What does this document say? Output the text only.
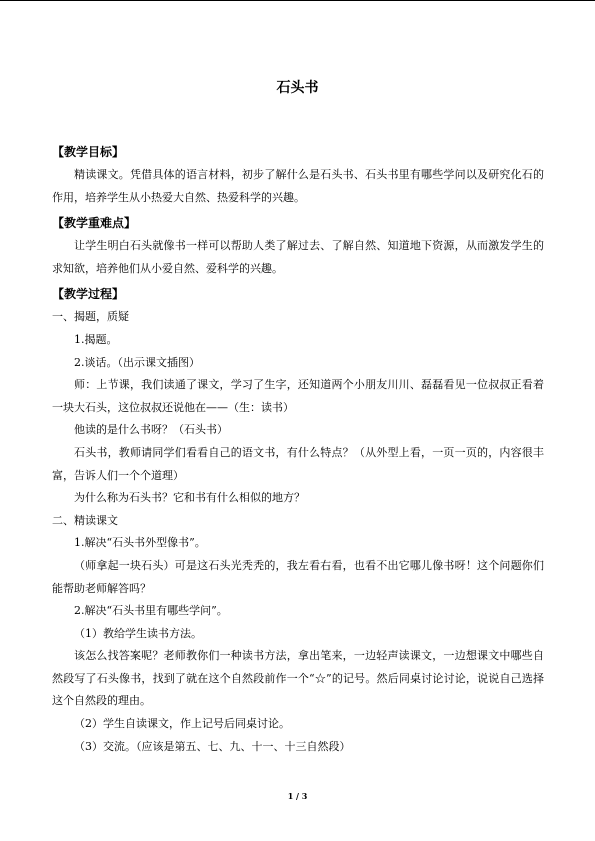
石头书
【教学目标】

精读课文。凭借具体的语言材料，初步了解什么是石头书、石头书里有哪些学问以及研究化石的作用，培养学生从小热爱大自然、热爱科学的兴趣。

【教学重难点】

让学生明白石头就像书一样可以帮助人类了解过去、了解自然、知道地下资源，从而激发学生的求知欲，培养他们从小爱自然、爱科学的兴趣。

【教学过程】
一、揭题，质疑

1.揭题。

2.谈话。（出示课文插图）

师：上节课，我们读通了课文，学习了生字，还知道两个小朋友川川、磊磊看见一位叔叔正看着一块大石头，这位叔叔还说他在——（生：读书）

他读的是什么书呀？（石头书）

石头书，教师请同学们看看自己的语文书，有什么特点？（从外型上看，一页一页的，内容很丰富，告诉人们一个个道理）

为什么称为石头书？它和书有什么相似的地方？

二、精读课文

1.解决“石头书外型像书”。

（师拿起一块石头）可是这石头光秃秃的，我左看右看，也看不出它哪儿像书呀！这个问题你们能帮助老师解答吗？

2.解决“石头书里有哪些学问”。

（1）教给学生读书方法。

该怎么找答案呢？老师教你们一种读书方法，拿出笔来，一边轻声读课文，一边想课文中哪些自然段写了石头像书，找到了就在这个自然段前作一个“☆”的记号。然后同桌讨论讨论，说说自己选择这个自然段的理由。

（2）学生自读课文，作上记号后同桌讨论。

（3）交流。（应该是第五、七、九、十一、十三自然段）

1 / 3
